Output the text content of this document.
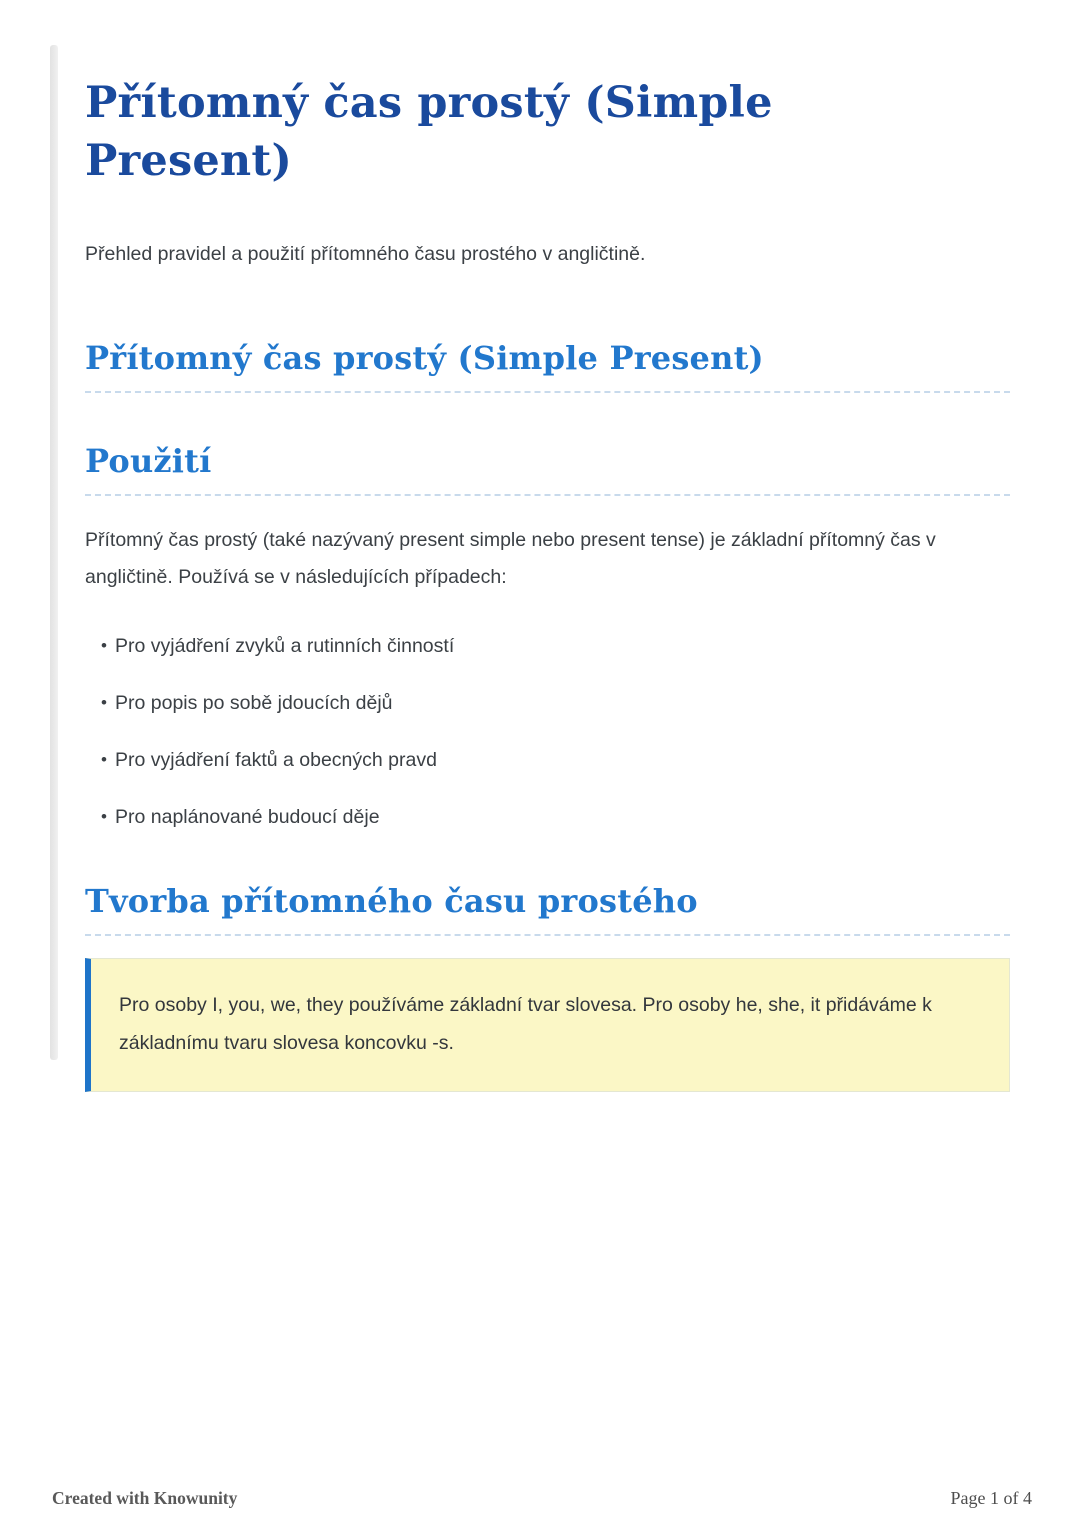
Přítomný čas prostý (Simple Present)

Přehled pravidel a použití přítomného času prostého v angličtině.

Přítomný čas prostý (Simple Present)
Použití

Přítomný čas prostý (také nazývaný present simple nebo present tense) je základní přítomný čas v angličtině. Používá se v následujících případech:

• Pro vyjádření zvyků a rutinních činností
• Pro popis po sobě jdoucích dějů
• Pro vyjádření faktů a obecných pravd
• Pro naplánované budoucí děje
Tvorba přítomného času prostého

Pro osoby I, you, we, they používáme základní tvar slovesa. Pro osoby he, she, it přidáváme k základnímu tvaru slovesa koncovku -s.

Created with Knowunity	Page 1 of 4
